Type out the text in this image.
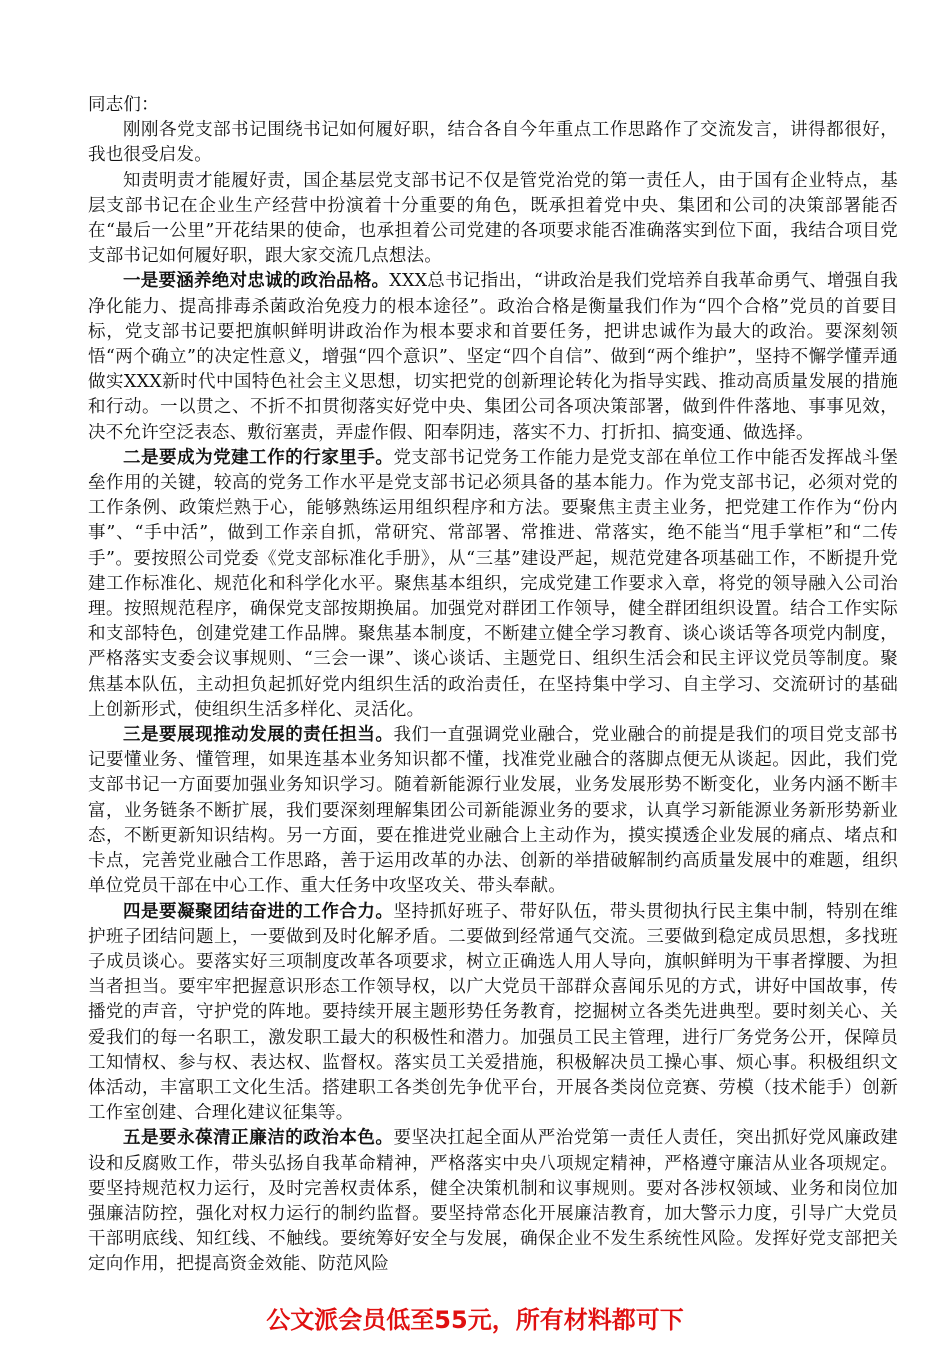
同志们：

刚刚各党支部书记围绕书记如何履好职，结合各自今年重点工作思路作了交流发言，讲得都很好，我也很受启发。

知责明责才能履好责，国企基层党支部书记不仅是管党治党的第一责任人，由于国有企业特点，基层支部书记在企业生产经营中扮演着十分重要的角色，既承担着党中央、集团和公司的决策部署能否在“最后一公里”开花结果的使命，也承担着公司党建的各项要求能否准确落实到位下面，我结合项目党支部书记如何履好职，跟大家交流几点想法。

一是要涵养绝对忠诚的政治品格。XXX总书记指出，“讲政治是我们党培养自我革命勇气、增强自我净化能力、提高排毒杀菌政治免疫力的根本途径”。政治合格是衡量我们作为“四个合格”党员的首要目标，党支部书记要把旗帜鲜明讲政治作为根本要求和首要任务，把讲忠诚作为最大的政治。要深刻领悟“两个确立”的决定性意义，增强“四个意识”、坚定“四个自信”、做到“两个维护”，坚持不懈学懂弄通做实XXX新时代中国特色社会主义思想，切实把党的创新理论转化为指导实践、推动高质量发展的措施和行动。一以贯之、不折不扣贯彻落实好党中央、集团公司各项决策部署，做到件件落地、事事见效，决不允许空泛表态、敷衍塞责，弄虚作假、阳奉阴违，落实不力、打折扣、搞变通、做选择。

二是要成为党建工作的行家里手。党支部书记党务工作能力是党支部在单位工作中能否发挥战斗堡垒作用的关键，较高的党务工作水平是党支部书记必须具备的基本能力。作为党支部书记，必须对党的工作条例、政策烂熟于心，能够熟练运用组织程序和方法。要聚焦主责主业务，把党建工作作为“份内事”、“手中活”，做到工作亲自抓，常研究、常部署、常推进、常落实，绝不能当“甩手掌柜”和“二传手”。要按照公司党委《党支部标准化手册》，从“三基”建设严起，规范党建各项基础工作，不断提升党建工作标准化、规范化和科学化水平。聚焦基本组织，完成党建工作要求入章，将党的领导融入公司治理。按照规范程序，确保党支部按期换届。加强党对群团工作领导，健全群团组织设置。结合工作实际和支部特色，创建党建工作品牌。聚焦基本制度，不断建立健全学习教育、谈心谈话等各项党内制度，严格落实支委会议事规则、“三会一课”、谈心谈话、主题党日、组织生活会和民主评议党员等制度。聚焦基本队伍，主动担负起抓好党内组织生活的政治责任，在坚持集中学习、自主学习、交流研讨的基础上创新形式，使组织生活多样化、灵活化。

三是要展现推动发展的责任担当。我们一直强调党业融合，党业融合的前提是我们的项目党支部书记要懂业务、懂管理，如果连基本业务知识都不懂，找准党业融合的落脚点便无从谈起。因此，我们党支部书记一方面要加强业务知识学习。随着新能源行业发展，业务发展形势不断变化，业务内涵不断丰富，业务链条不断扩展，我们要深刻理解集团公司新能源业务的要求，认真学习新能源业务新形势新业态，不断更新知识结构。另一方面，要在推进党业融合上主动作为，摸实摸透企业发展的痛点、堵点和卡点，完善党业融合工作思路，善于运用改革的办法、创新的举措破解制约高质量发展中的难题，组织单位党员干部在中心工作、重大任务中攻坚攻关、带头奉献。

四是要凝聚团结奋进的工作合力。坚持抓好班子、带好队伍，带头贯彻执行民主集中制，特别在维护班子团结问题上，一要做到及时化解矛盾。二要做到经常通气交流。三要做到稳定成员思想，多找班子成员谈心。要落实好三项制度改革各项要求，树立正确选人用人导向，旗帜鲜明为干事者撑腰、为担当者担当。要牢牢把握意识形态工作领导权，以广大党员干部群众喜闻乐见的方式，讲好中国故事，传播党的声音，守护党的阵地。要持续开展主题形势任务教育，挖掘树立各类先进典型。要时刻关心、关爱我们的每一名职工，激发职工最大的积极性和潜力。加强员工民主管理，进行厂务党务公开，保障员工知情权、参与权、表达权、监督权。落实员工关爱措施，积极解决员工操心事、烦心事。积极组织文体活动，丰富职工文化生活。搭建职工各类创先争优平台，开展各类岗位竞赛、劳模（技术能手）创新工作室创建、合理化建议征集等。

五是要永葆清正廉洁的政治本色。要坚决扛起全面从严治党第一责任人责任，突出抓好党风廉政建设和反腐败工作，带头弘扬自我革命精神，严格落实中央八项规定精神，严格遵守廉洁从业各项规定。要坚持规范权力运行，及时完善权责体系，健全决策机制和议事规则。要对各涉权领域、业务和岗位加强廉洁防控，强化对权力运行的制约监督。要坚持常态化开展廉洁教育，加大警示力度，引导广大党员干部明底线、知红线、不触线。要统筹好安全与发展，确保企业不发生系统性风险。发挥好党支部把关定向作用，把提高资金效能、防范风险

公文派会员低至55元，所有材料都可下
